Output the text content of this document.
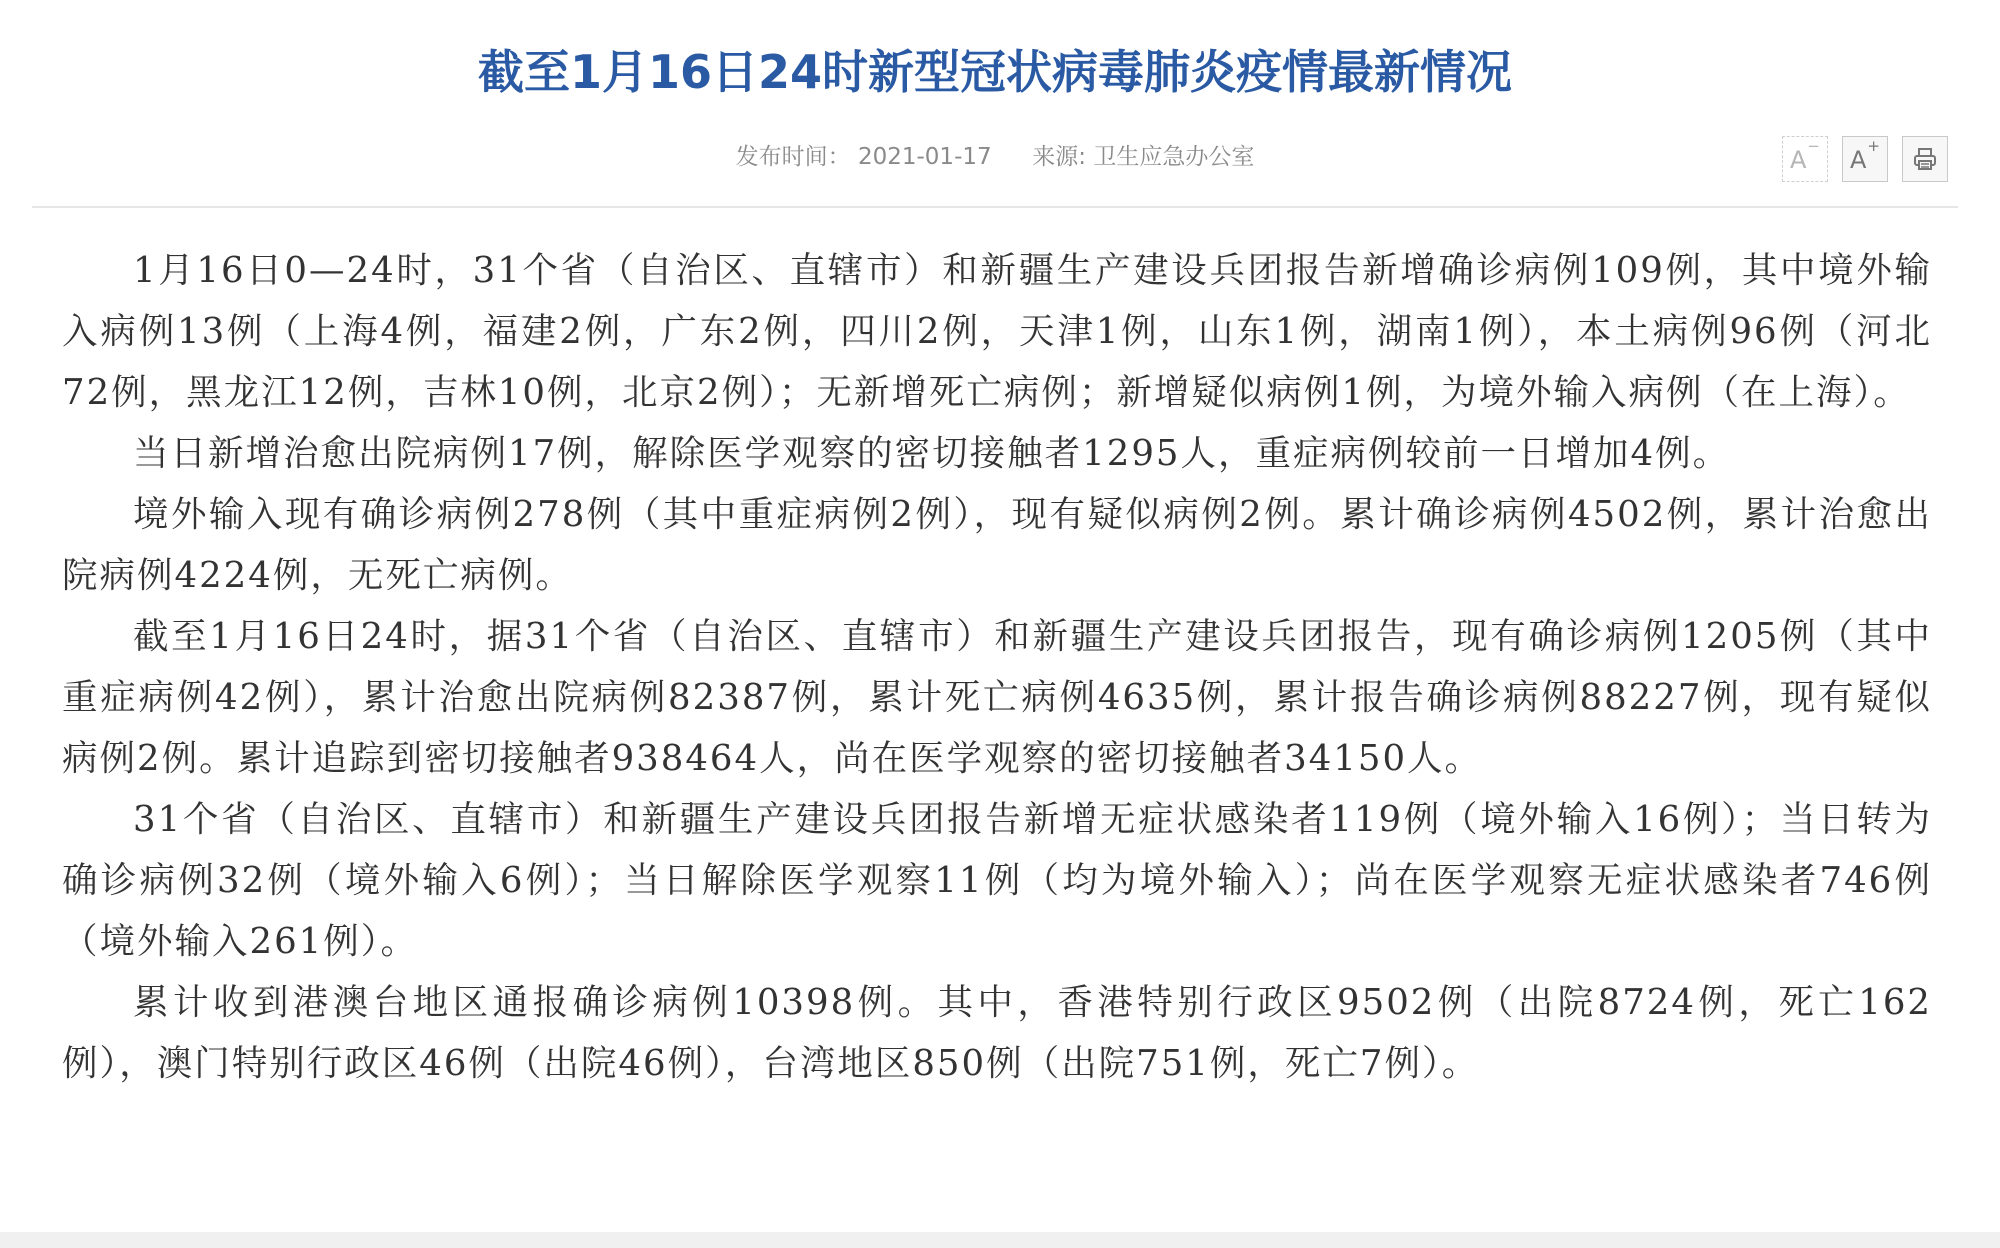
截至1月16日24时新型冠状病毒肺炎疫情最新情况
发布时间： 2021-01-17 来源: 卫生应急办公室	A− A+

1月16日0—24时，31个省（自治区、直辖市）和新疆生产建设兵团报告新增确诊病例109例，其中境外输入病例13例（上海4例，福建2例，广东2例，四川2例，天津1例，山东1例，湖南1例），本土病例96例（河北72例，黑龙江12例，吉林10例，北京2例）；无新增死亡病例；新增疑似病例1例，为境外输入病例（在上海）。

当日新增治愈出院病例17例，解除医学观察的密切接触者1295人，重症病例较前一日增加4例。

境外输入现有确诊病例278例（其中重症病例2例），现有疑似病例2例。累计确诊病例4502例，累计治愈出院病例4224例，无死亡病例。

截至1月16日24时，据31个省（自治区、直辖市）和新疆生产建设兵团报告，现有确诊病例1205例（其中重症病例42例），累计治愈出院病例82387例，累计死亡病例4635例，累计报告确诊病例88227例，现有疑似病例2例。累计追踪到密切接触者938464人，尚在医学观察的密切接触者34150人。

31个省（自治区、直辖市）和新疆生产建设兵团报告新增无症状感染者119例（境外输入16例）；当日转为确诊病例32例（境外输入6例）；当日解除医学观察11例（均为境外输入）；尚在医学观察无症状感染者746例（境外输入261例）。

累计收到港澳台地区通报确诊病例10398例。其中，香港特别行政区9502例（出院8724例，死亡162例），澳门特别行政区46例（出院46例），台湾地区850例（出院751例，死亡7例）。
